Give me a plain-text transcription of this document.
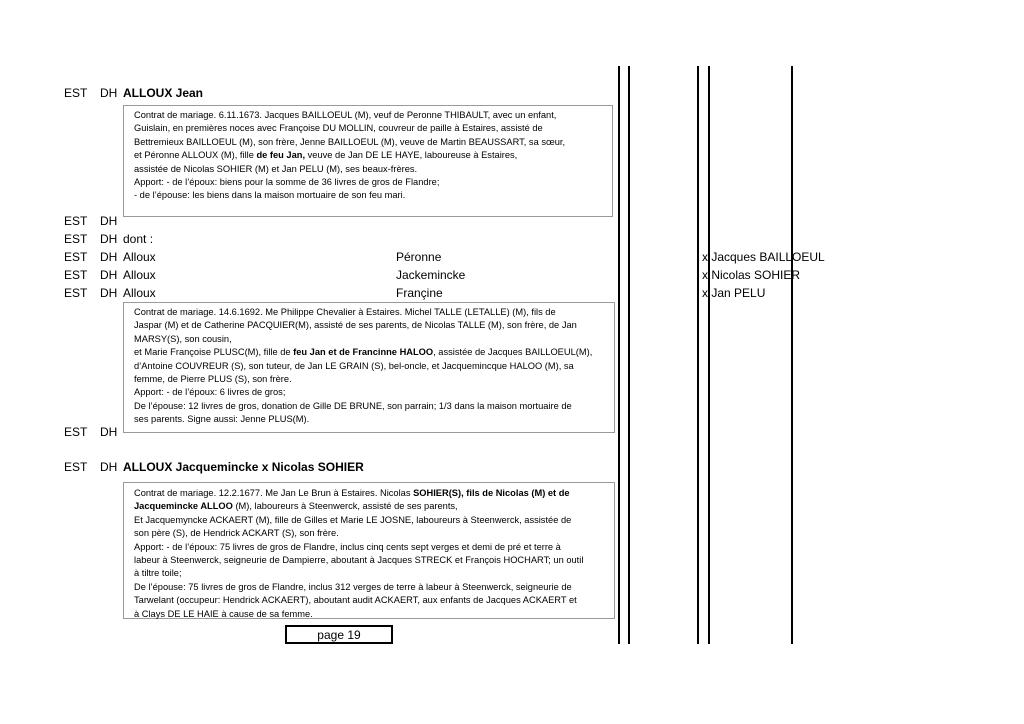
EST DH ALLOUX Jean

Contrat de mariage. 6.11.1673. Jacques BAILLOEUL (M), veuf de Peronne THIBAULT, avec un enfant,

Guislain, en premières noces avec Françoise DU MOLLIN, couvreur de paille à Estaires, assisté de

Bettremieux BAILLOEUL (M), son frère, Jenne BAILLOEUL (M), veuve de Martin BEAUSSART, sa sœur,

et Péronne ALLOUX (M), fille de feu Jan, veuve de Jan DE LE HAYE, laboureuse à Estaires,

assistée de Nicolas SOHIER (M) et Jan PELU (M), ses beaux-frères.

Apport: - de l’époux: biens pour la somme de 36 livres de gros de Flandre;

- de l’épouse: les biens dans la maison mortuaire de son feu mari.

EST DH
EST DH dont :
EST DH Alloux	Péronne	x Jacques BAILLOEUL
EST DH Alloux	Jackemincke	x Nicolas SOHIER
EST DH Alloux	Françine	x Jan PELU

Contrat de mariage. 14.6.1692. Me Philippe Chevalier à Estaires. Michel TALLE (LETALLE) (M), fils de

Jaspar (M) et de Catherine PACQUIER(M), assisté de ses parents, de Nicolas TALLE (M), son frère, de Jan

MARSY(S), son cousin,

et Marie Françoise PLUSC(M), fille de feu Jan et de Francinne HALOO, assistée de Jacques BAILLOEUL(M),

d’Antoine COUVREUR (S), son tuteur, de Jan LE GRAIN (S), bel-oncle, et Jacquemincque HALOO (M), sa

femme, de Pierre PLUS (S), son frère.

Apport: - de l’époux: 6 livres de gros;

De l’épouse: 12 livres de gros, donation de Gille DE BRUNE, son parrain; 1/3 dans la maison mortuaire de

ses parents. Signe aussi: Jenne PLUS(M).

EST DH
EST DH ALLOUX Jacquemincke x Nicolas SOHIER

Contrat de mariage. 12.2.1677. Me Jan Le Brun à Estaires. Nicolas SOHIER(S), fils de Nicolas (M) et de

Jacquemincke ALLOO (M), laboureurs à Steenwerck, assisté de ses parents,

Et Jacquemyncke ACKAERT (M), fille de Gilles et Marie LE JOSNE, laboureurs à Steenwerck, assistée de

son père (S), de Hendrick ACKART (S), son frère.

Apport: - de l’époux: 75 livres de gros de Flandre, inclus cinq cents sept verges et demi de pré et terre à

labeur à Steenwerck, seigneurie de Dampierre, aboutant à Jacques STRECK et François HOCHART; un outil

à tiltre toile;

De l’épouse: 75 livres de gros de Flandre, inclus 312 verges de terre à labeur à Steenwerck, seigneurie de

Tarwelant (occupeur: Hendrick ACKAERT), aboutant audit ACKAERT, aux enfants de Jacques ACKAERT et

à Clays DE LE HAIE à cause de sa femme.

page 19
